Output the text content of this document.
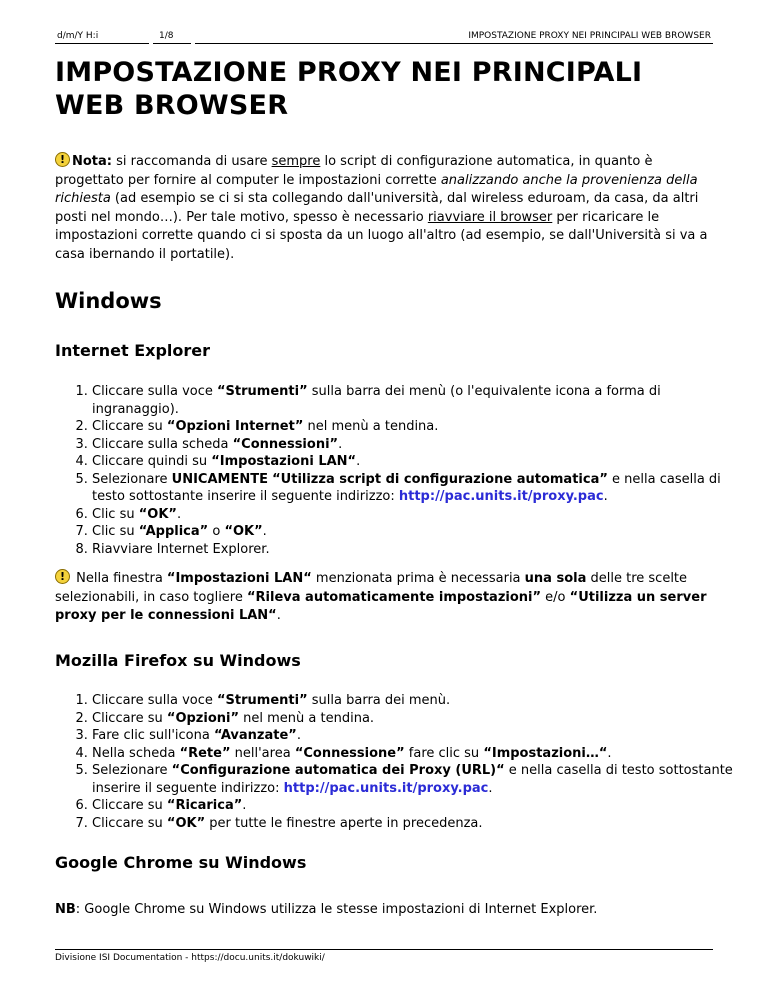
d/m/Y H:i	1/8	IMPOSTAZIONE PROXY NEI PRINCIPALI WEB BROWSER
IMPOSTAZIONE PROXY NEI PRINCIPALI WEB BROWSER

!Nota: si raccomanda di usare sempre lo script di configurazione automatica, in quanto è progettato per fornire al computer le impostazioni corrette analizzando anche la provenienza della richiesta (ad esempio se ci si sta collegando dall'università, dal wireless eduroam, da casa, da altri posti nel mondo…). Per tale motivo, spesso è necessario riavviare il browser per ricaricare le impostazioni corrette quando ci si sposta da un luogo all'altro (ad esempio, se dall'Università si va a casa ibernando il portatile).

Windows
Internet Explorer
1. Cliccare sulla voce “Strumenti” sulla barra dei menù (o l'equivalente icona a forma di ingranaggio).
2. Cliccare su “Opzioni Internet” nel menù a tendina.
3. Cliccare sulla scheda “Connessioni”.
4. Cliccare quindi su “Impostazioni LAN“.
5. Selezionare UNICAMENTE “Utilizza script di configurazione automatica” e nella casella di testo sottostante inserire il seguente indirizzo: http://pac.units.it/proxy.pac.
6. Clic su “OK”.
7. Clic su “Applica” o “OK”.
8. Riavviare Internet Explorer.

! Nella finestra “Impostazioni LAN“ menzionata prima è necessaria una sola delle tre scelte selezionabili, in caso togliere “Rileva automaticamente impostazioni” e/o “Utilizza un server proxy per le connessioni LAN“.

Mozilla Firefox su Windows
1. Cliccare sulla voce “Strumenti” sulla barra dei menù.
2. Cliccare su “Opzioni” nel menù a tendina.
3. Fare clic sull'icona “Avanzate”.
4. Nella scheda “Rete” nell'area “Connessione” fare clic su “Impostazioni…“.
5. Selezionare “Configurazione automatica dei Proxy (URL)“ e nella casella di testo sottostante inserire il seguente indirizzo: http://pac.units.it/proxy.pac.
6. Cliccare su “Ricarica”.
7. Cliccare su “OK” per tutte le finestre aperte in precedenza.
Google Chrome su Windows

NB: Google Chrome su Windows utilizza le stesse impostazioni di Internet Explorer.

Divisione ISI Documentation - https://docu.units.it/dokuwiki/
